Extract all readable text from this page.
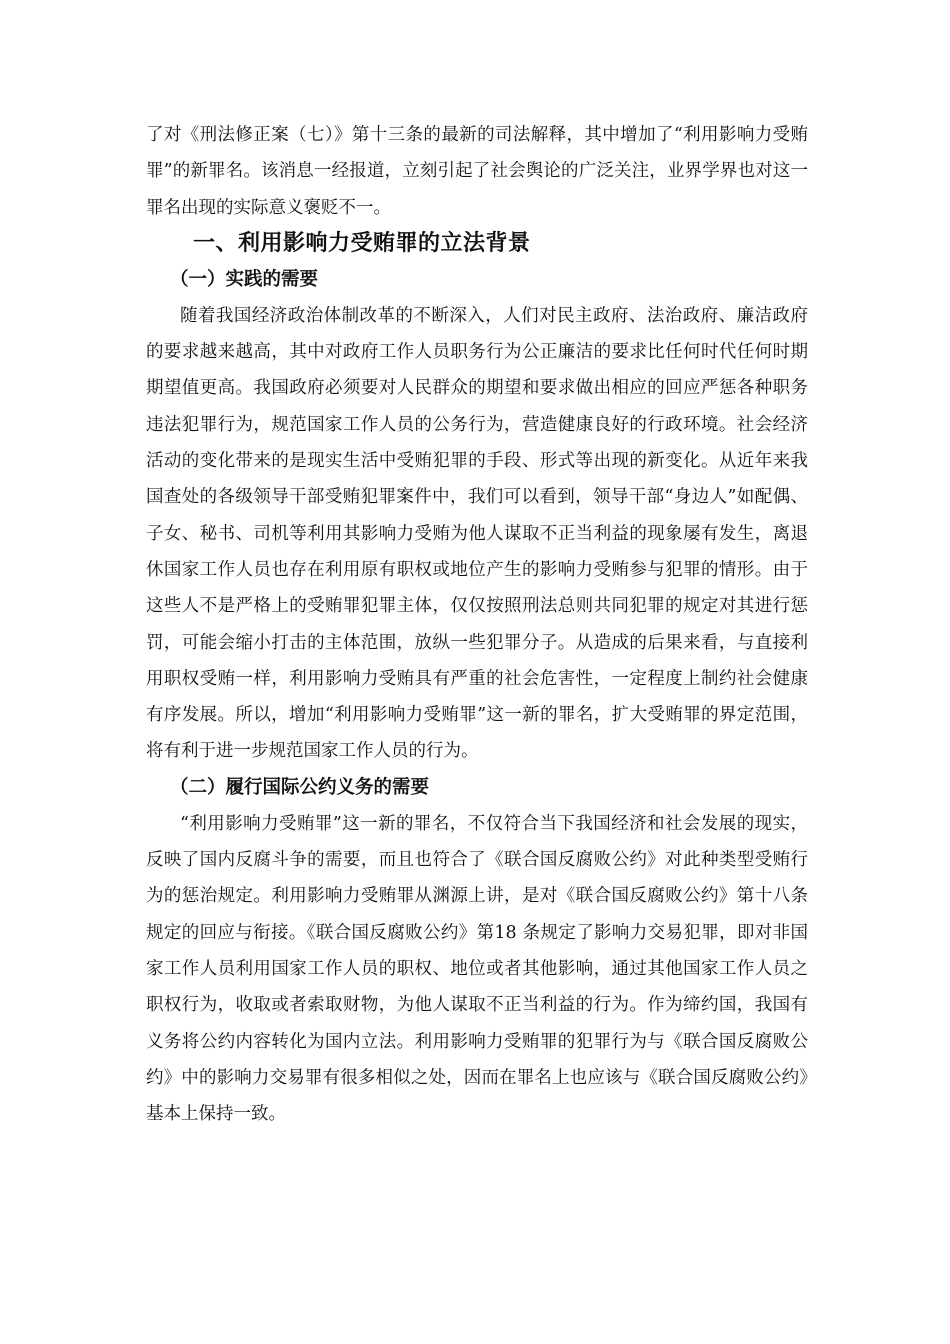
了对《刑法修正案（七）》第十三条的最新的司法解释，其中增加了“利用影响力受贿罪”的新罪名。该消息一经报道，立刻引起了社会舆论的广泛关注，业界学界也对这一罪名出现的实际意义褒贬不一。

一、利用影响力受贿罪的立法背景
（一）实践的需要

随着我国经济政治体制改革的不断深入，人们对民主政府、法治政府、廉洁政府的要求越来越高，其中对政府工作人员职务行为公正廉洁的要求比任何时代任何时期期望值更高。我国政府必须要对人民群众的期望和要求做出相应的回应严惩各种职务违法犯罪行为，规范国家工作人员的公务行为，营造健康良好的行政环境。社会经济活动的变化带来的是现实生活中受贿犯罪的手段、形式等出现的新变化。从近年来我国查处的各级领导干部受贿犯罪案件中，我们可以看到，领导干部“身边人”如配偶、子女、秘书、司机等利用其影响力受贿为他人谋取不正当利益的现象屡有发生，离退休国家工作人员也存在利用原有职权或地位产生的影响力受贿参与犯罪的情形。由于这些人不是严格上的受贿罪犯罪主体，仅仅按照刑法总则共同犯罪的规定对其进行惩罚，可能会缩小打击的主体范围，放纵一些犯罪分子。从造成的后果来看，与直接利用职权受贿一样，利用影响力受贿具有严重的社会危害性，一定程度上制约社会健康有序发展。所以，增加“利用影响力受贿罪”这一新的罪名，扩大受贿罪的界定范围，将有利于进一步规范国家工作人员的行为。

（二）履行国际公约义务的需要

“利用影响力受贿罪”这一新的罪名，不仅符合当下我国经济和社会发展的现实，反映了国内反腐斗争的需要，而且也符合了《联合国反腐败公约》对此种类型受贿行为的惩治规定。利用影响力受贿罪从渊源上讲，是对《联合国反腐败公约》第十八条规定的回应与衔接。《联合国反腐败公约》第18 条规定了影响力交易犯罪，即对非国家工作人员利用国家工作人员的职权、地位或者其他影响，通过其他国家工作人员之职权行为，收取或者索取财物，为他人谋取不正当利益的行为。作为缔约国，我国有义务将公约内容转化为国内立法。利用影响力受贿罪的犯罪行为与《联合国反腐败公约》中的影响力交易罪有很多相似之处，因而在罪名上也应该与《联合国反腐败公约》基本上保持一致。
